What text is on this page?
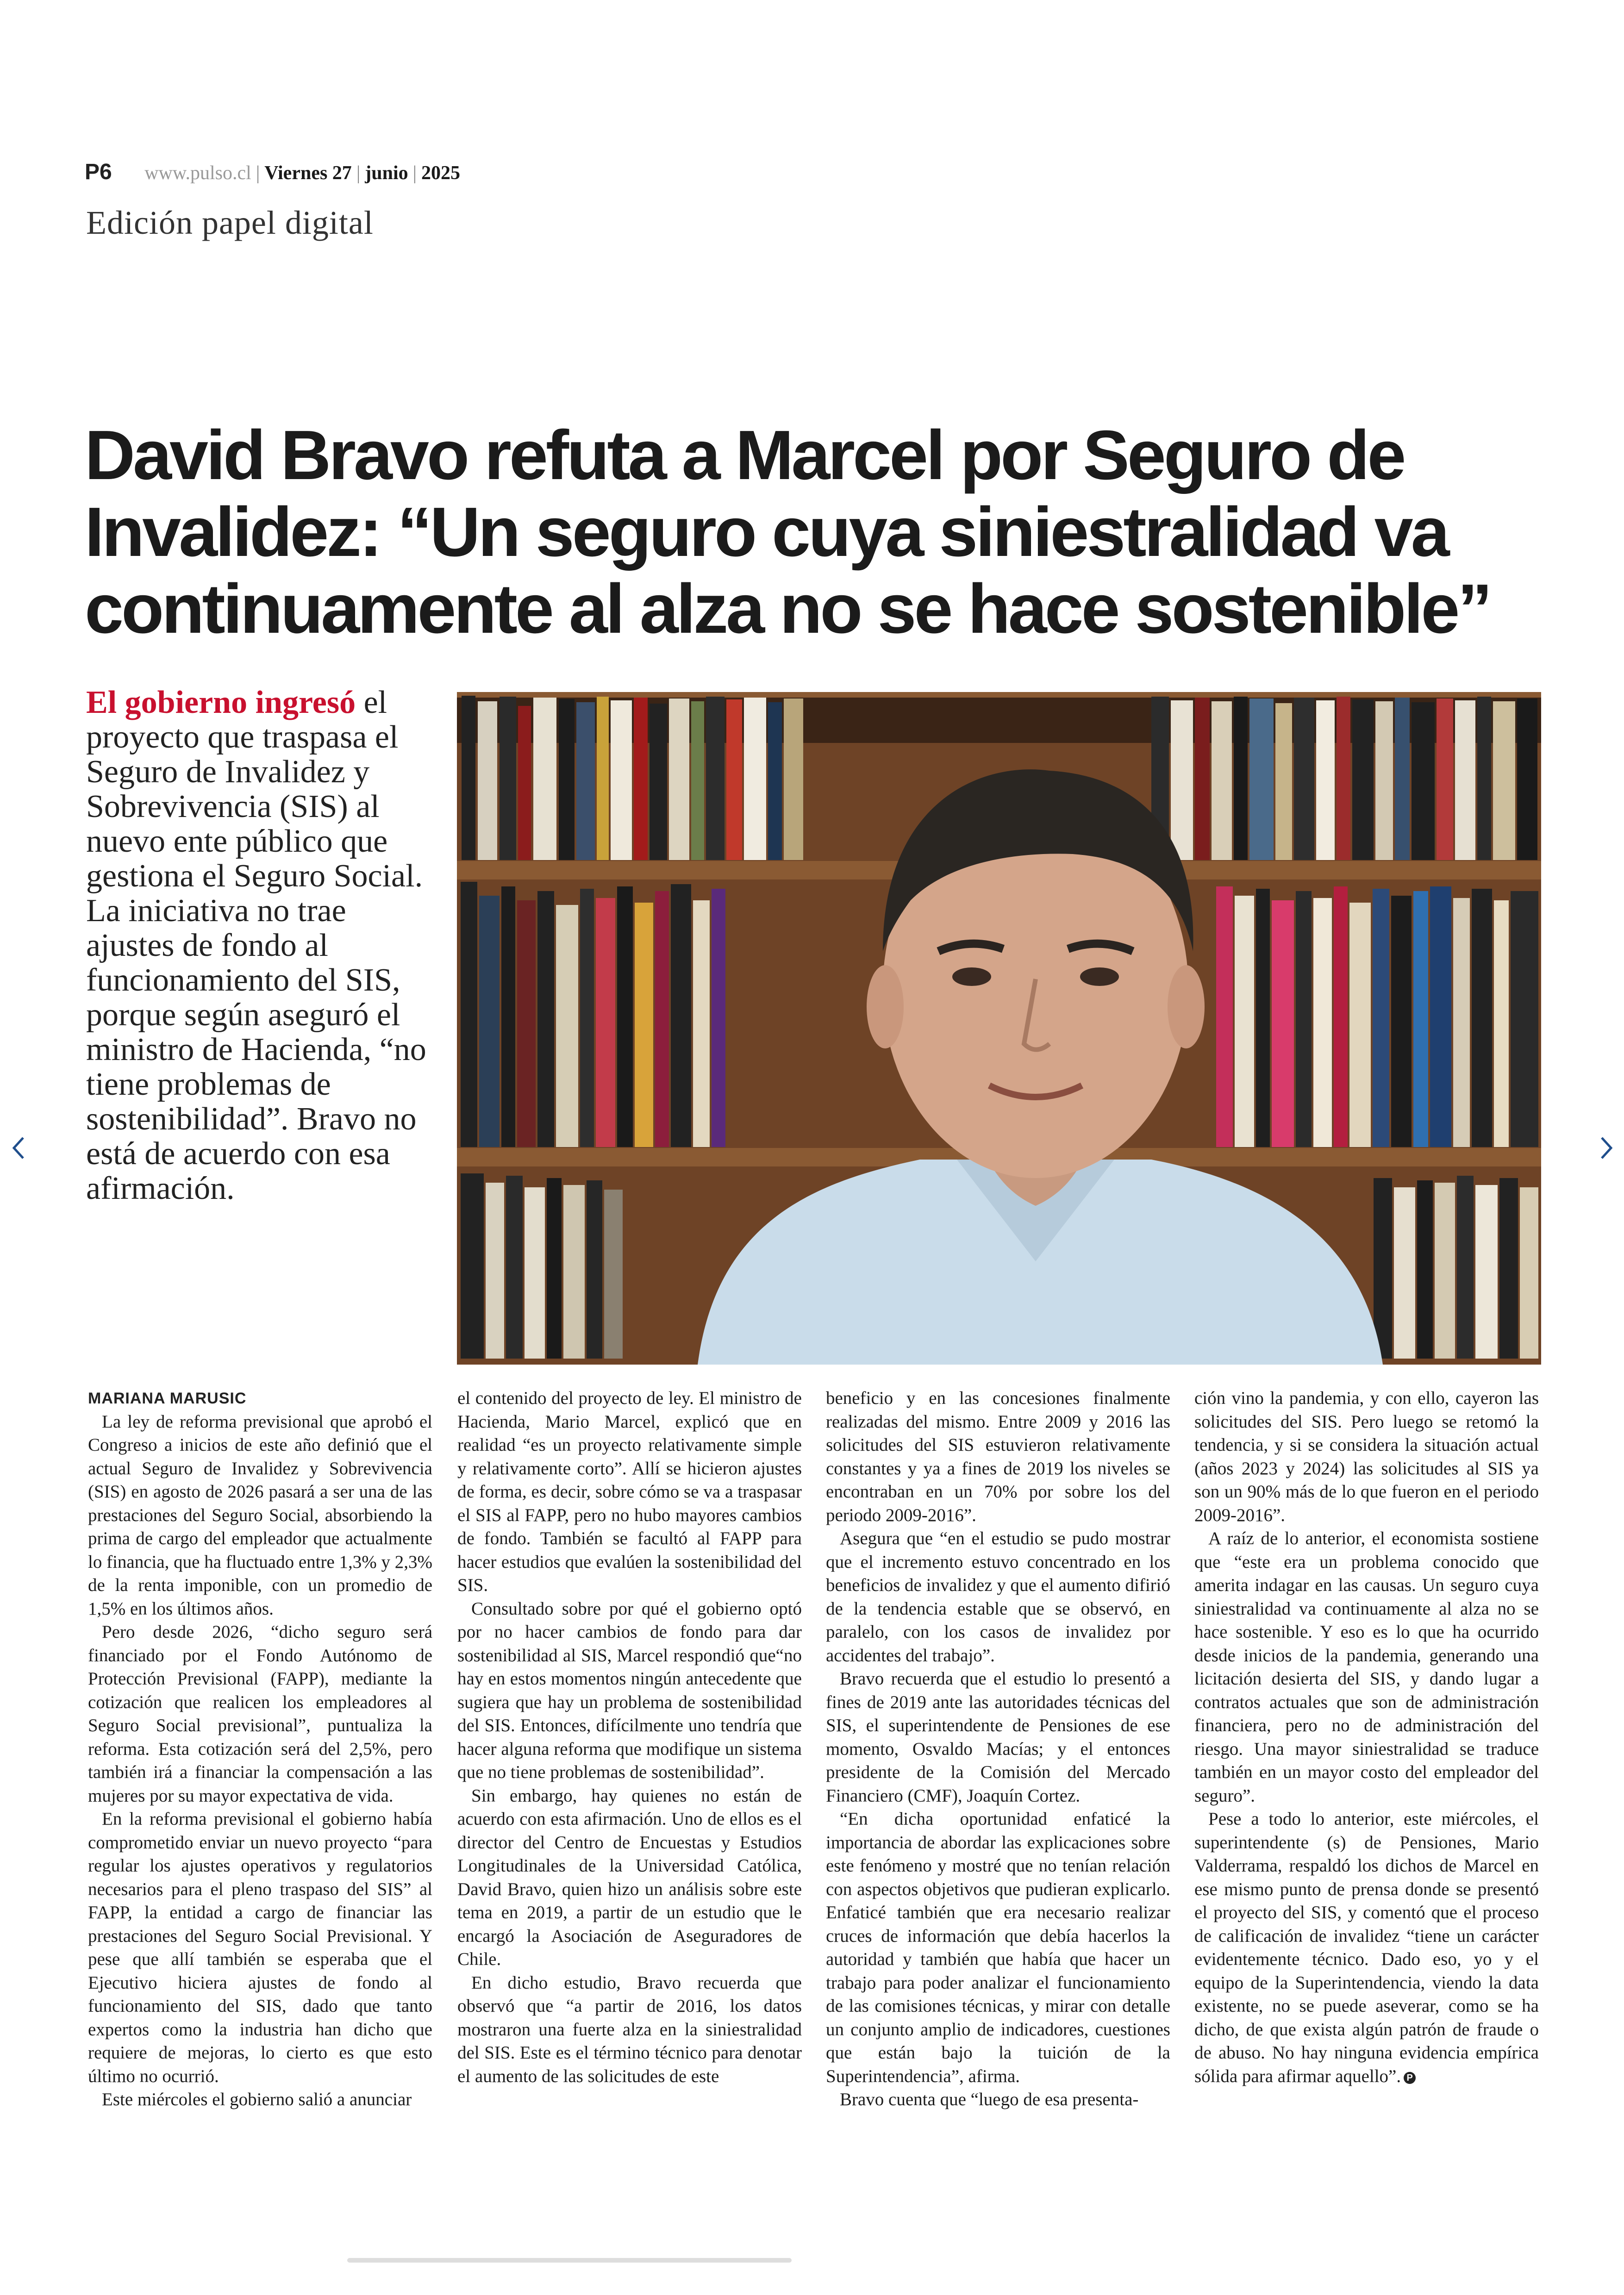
P6 www.pulso.cl | Viernes 27 | junio | 2025
Edición papel digital
David Bravo refuta a Marcel por Seguro de Invalidez: “Un seguro cuya siniestralidad va continuamente al alza no se hace sostenible”
El gobierno ingresó el proyecto que traspasa el Seguro de Invalidez y Sobrevivencia (SIS) al nuevo ente público que gestiona el Seguro Social. La iniciativa no trae ajustes de fondo al funcionamiento del SIS, porque según aseguró el ministro de Hacienda, “no tiene problemas de sostenibilidad”. Bravo no está de acuerdo con esa afirmación.

MARIANA MARUSIC

La ley de reforma previsional que aprobó el Congreso a inicios de este año definió que el actual Seguro de Invalidez y Sobrevivencia (SIS) en agosto de 2026 pasará a ser una de las prestaciones del Seguro Social, absorbiendo la prima de cargo del empleador que actualmente lo financia, que ha fluctuado entre 1,3% y 2,3% de la renta imponible, con un promedio de 1,5% en los últimos años.

Pero desde 2026, “dicho seguro será financiado por el Fondo Autónomo de Protección Previsional (FAPP), mediante la cotización que realicen los empleadores al Seguro Social previsional”, puntualiza la reforma. Esta cotización será del 2,5%, pero también irá a financiar la compensación a las mujeres por su mayor expectativa de vida.

En la reforma previsional el gobierno había comprometido enviar un nuevo proyecto “para regular los ajustes operativos y regulatorios necesarios para el pleno traspaso del SIS” al FAPP, la entidad a cargo de financiar las prestaciones del Seguro Social Previsional. Y pese que allí también se esperaba que el Ejecutivo hiciera ajustes de fondo al funcionamiento del SIS, dado que tanto expertos como la industria han dicho que requiere de mejoras, lo cierto es que esto último no ocurrió.

Este miércoles el gobierno salió a anunciar

el contenido del proyecto de ley. El ministro de Hacienda, Mario Marcel, explicó que en realidad “es un proyecto relativamente simple y relativamente corto”. Allí se hicieron ajustes de forma, es decir, sobre cómo se va a traspasar el SIS al FAPP, pero no hubo mayores cambios de fondo. También se facultó al FAPP para hacer estudios que evalúen la sostenibilidad del SIS.

Consultado sobre por qué el gobierno optó por no hacer cambios de fondo para dar sostenibilidad al SIS, Marcel respondió que“no hay en estos momentos ningún antecedente que sugiera que hay un problema de sostenibilidad del SIS. Entonces, difícilmente uno tendría que hacer alguna reforma que modifique un sistema que no tiene problemas de sostenibilidad”.

Sin embargo, hay quienes no están de acuerdo con esta afirmación. Uno de ellos es el director del Centro de Encuestas y Estudios Longitudinales de la Universidad Católica, David Bravo, quien hizo un análisis sobre este tema en 2019, a partir de un estudio que le encargó la Asociación de Aseguradores de Chile.

En dicho estudio, Bravo recuerda que observó que “a partir de 2016, los datos mostraron una fuerte alza en la siniestralidad del SIS. Este es el término técnico para denotar el aumento de las solicitudes de este

beneficio y en las concesiones finalmente realizadas del mismo. Entre 2009 y 2016 las solicitudes del SIS estuvieron relativamente constantes y ya a fines de 2019 los niveles se encontraban en un 70% por sobre los del periodo 2009-2016”.

Asegura que “en el estudio se pudo mostrar que el incremento estuvo concentrado en los beneficios de invalidez y que el aumento difirió de la tendencia estable que se observó, en paralelo, con los casos de invalidez por accidentes del trabajo”.

Bravo recuerda que el estudio lo presentó a fines de 2019 ante las autoridades técnicas del SIS, el superintendente de Pensiones de ese momento, Osvaldo Macías; y el entonces presidente de la Comisión del Mercado Financiero (CMF), Joaquín Cortez.

“En dicha oportunidad enfaticé la importancia de abordar las explicaciones sobre este fenómeno y mostré que no tenían relación con aspectos objetivos que pudieran explicarlo. Enfaticé también que era necesario realizar cruces de información que debía hacerlos la autoridad y también que había que hacer un trabajo para poder analizar el funcionamiento de las comisiones técnicas, y mirar con detalle un conjunto amplio de indicadores, cuestiones que están bajo la tuición de la Superintendencia”, afirma.

Bravo cuenta que “luego de esa presenta-

ción vino la pandemia, y con ello, cayeron las solicitudes del SIS. Pero luego se retomó la tendencia, y si se considera la situación actual (años 2023 y 2024) las solicitudes al SIS ya son un 90% más de lo que fueron en el periodo 2009-2016”.

A raíz de lo anterior, el economista sostiene que “este era un problema conocido que amerita indagar en las causas. Un seguro cuya siniestralidad va continuamente al alza no se hace sostenible. Y eso es lo que ha ocurrido desde inicios de la pandemia, generando una licitación desierta del SIS, y dando lugar a contratos actuales que son de administración financiera, pero no de administración del riesgo. Una mayor siniestralidad se traduce también en un mayor costo del empleador del seguro”.

Pese a todo lo anterior, este miércoles, el superintendente (s) de Pensiones, Mario Valderrama, respaldó los dichos de Marcel en ese mismo punto de prensa donde se presentó el proyecto del SIS, y comentó que el proceso de calificación de invalidez “tiene un carácter evidentemente técnico. Dado eso, yo y el equipo de la Superintendencia, viendo la data existente, no se puede aseverar, como se ha dicho, de que exista algún patrón de fraude o de abuso. No hay ninguna evidencia empírica sólida para afirmar aquello”. P
